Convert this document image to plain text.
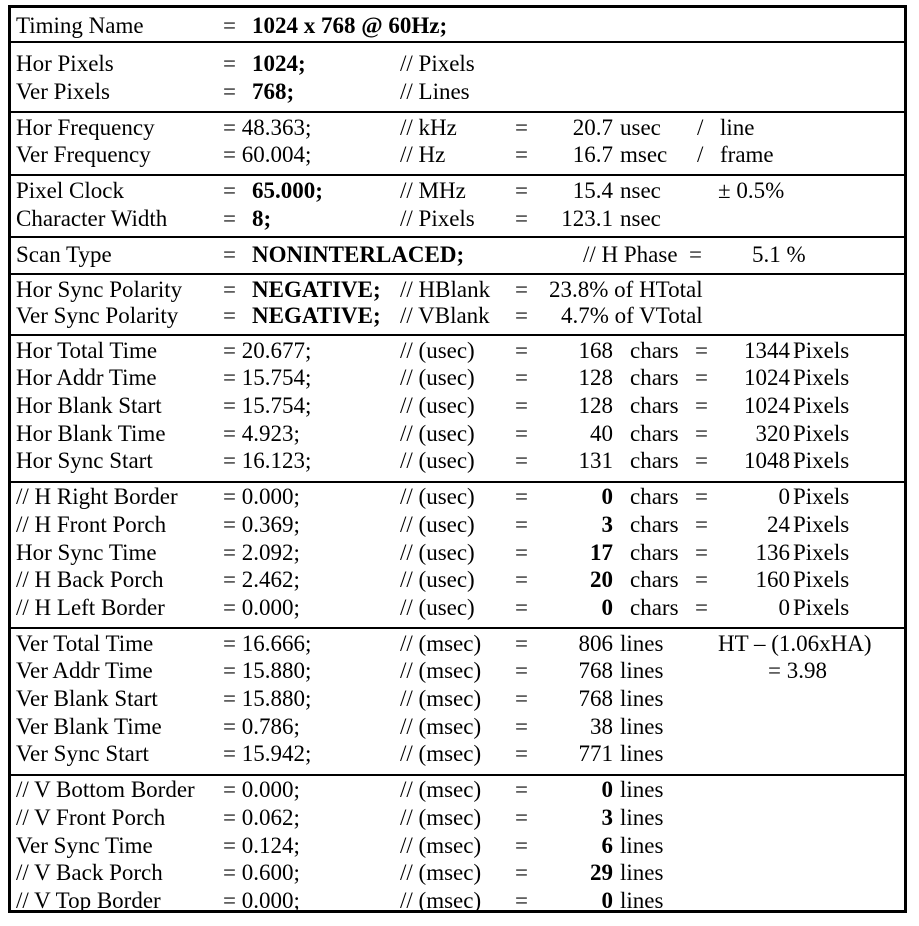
Timing Name	= 1024 x 768 @ 60Hz;
Hor Pixels	= 1024;	// Pixels
Ver Pixels	= 768;	// Lines
Hor Frequency	= 48.363;	// kHz	=	20.7 usec / line
Ver Frequency	= 60.004;	// Hz	=	16.7 msec / frame
Pixel Clock	= 65.000;	// MHz =	15.4 nsec ± 0.5%
Character Width = 8;	// Pixels =	123.1 nsec
Scan Type	= NONINTERLACED;	// H Phase  = 5.1 %
Hor Sync Polarity = NEGATIVE; // HBlank = 23.8% of HTotal
Ver Sync Polarity = NEGATIVE; // VBlank = 4.7% of VTotal
Hor Total Time	= 20.677;	// (usec) =	168 chars =	1344 Pixels
Hor Addr Time	= 15.754;	// (usec) =	128 chars =	1024 Pixels
Hor Blank Start	= 15.754;	// (usec) =	128 chars =	1024 Pixels
Hor Blank Time = 4.923;	// (usec) =	40 chars =	320 Pixels
Hor Sync Start	= 16.123;	// (usec) =	131 chars =	1048 Pixels
// H Right Border = 0.000;	// (usec) =	0 chars =	0 Pixels
// H Front Porch = 0.369;	// (usec) =	3 chars =	24 Pixels
Hor Sync Time	= 2.092;	// (usec) =	17 chars =	136 Pixels
// H Back Porch	= 2.462;	// (usec) =	20 chars =	160 Pixels
// H Left Border	= 0.000;	// (usec) =	0 chars =	0 Pixels
Ver Total Time	= 16.666;	// (msec) =	806 lines HT – (1.06xHA)
Ver Addr Time	= 15.880;	// (msec) =	768 lines	= 3.98
Ver Blank Start	= 15.880;	// (msec) =	768 lines
Ver Blank Time	= 0.786;	// (msec) =	38 lines
Ver Sync Start	= 15.942;	// (msec) =	771 lines
// V Bottom Border = 0.000;	// (msec) =	0 lines
// V Front Porch	= 0.062;	// (msec) =	3 lines
Ver Sync Time	= 0.124;	// (msec) =	6 lines
// V Back Porch	= 0.600;	// (msec) =	29 lines
// V Top Border	= 0.000;	// (msec) =	0 lines
